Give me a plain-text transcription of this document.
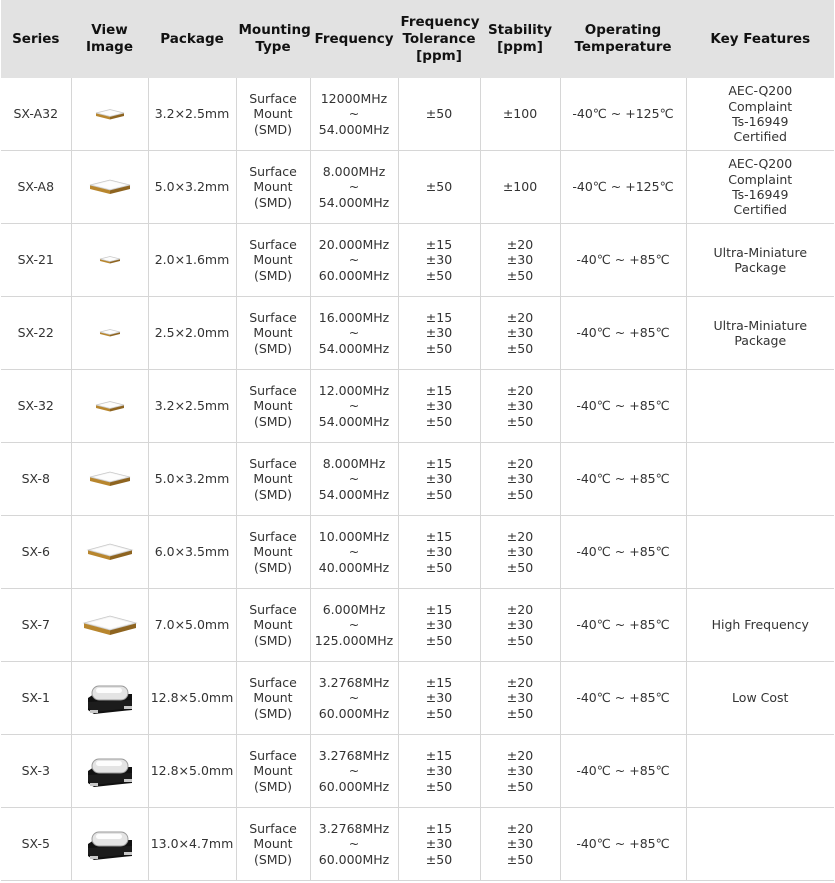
Series	View
Image	Package	Mounting
Type	Frequency	Frequency
Tolerance
[ppm]	Stability
[ppm]	Operating
Temperature	Key Features
SX-A32		3.2×2.5mm	Surface
Mount
(SMD)	12000MHz
~
54.000MHz	±50	±100	-40℃ ~ +125℃	AEC-Q200
Complaint
Ts-16949
Certified

SX-A8		5.0×3.2mm	Surface
Mount
(SMD)	8.000MHz
~
54.000MHz	±50	±100	-40℃ ~ +125℃	AEC-Q200
Complaint
Ts-16949
Certified

SX-21		2.0×1.6mm	Surface
Mount
(SMD)	20.000MHz
~
60.000MHz	±15
±30
±50	±20
±30
±50	-40℃ ~ +85℃	Ultra-Miniature
Package

SX-22		2.5×2.0mm	Surface
Mount
(SMD)	16.000MHz
~
54.000MHz	±15
±30
±50	±20
±30
±50	-40℃ ~ +85℃	Ultra-Miniature
Package

SX-32		3.2×2.5mm	Surface
Mount
(SMD)	12.000MHz
~
54.000MHz	±15
±30
±50	±20
±30
±50	-40℃ ~ +85℃	
SX-8		5.0×3.2mm	Surface
Mount
(SMD)	8.000MHz
~
54.000MHz	±15
±30
±50	±20
±30
±50	-40℃ ~ +85℃	
SX-6		6.0×3.5mm	Surface
Mount
(SMD)	10.000MHz
~
40.000MHz	±15
±30
±50	±20
±30
±50	-40℃ ~ +85℃	
SX-7		7.0×5.0mm	Surface
Mount
(SMD)	6.000MHz
~
125.000MHz	±15
±30
±50	±20
±30
±50	-40℃ ~ +85℃	High Frequency

SX-1		12.8×5.0mm	Surface
Mount
(SMD)	3.2768MHz
~
60.000MHz	±15
±30
±50	±20
±30
±50	-40℃ ~ +85℃	Low Cost

SX-3		12.8×5.0mm	Surface
Mount
(SMD)	3.2768MHz
~
60.000MHz	±15
±30
±50	±20
±30
±50	-40℃ ~ +85℃	
SX-5		13.0×4.7mm	Surface
Mount
(SMD)	3.2768MHz
~
60.000MHz	±15
±30
±50	±20
±30
±50	-40℃ ~ +85℃	
